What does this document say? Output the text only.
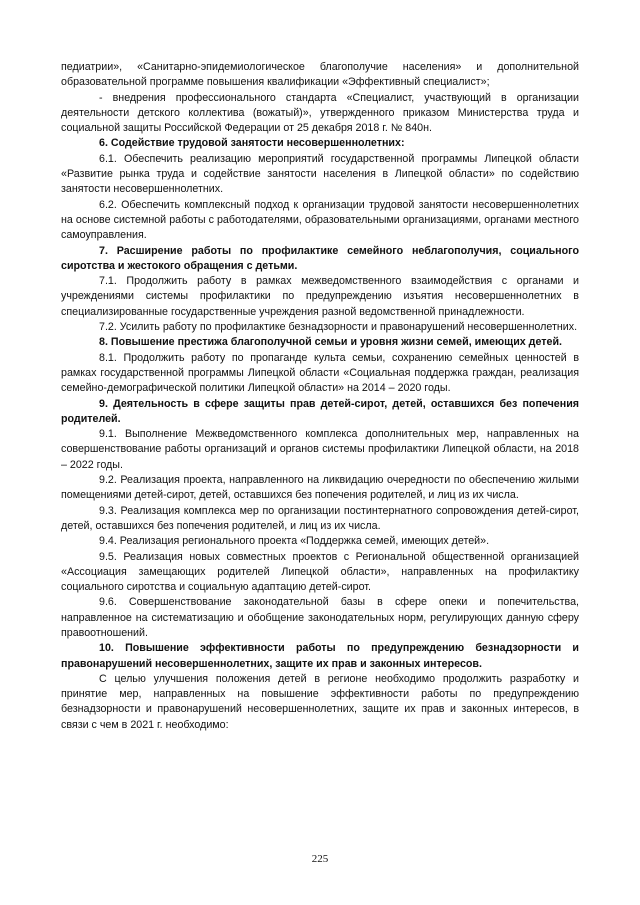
педиатрии», «Санитарно-эпидемиологическое благополучие населения» и дополнительной образовательной программе повышения квалификации «Эффективный специалист»;

- внедрения профессионального стандарта «Специалист, участвующий в организации деятельности детского коллектива (вожатый)», утвержденного приказом Министерства труда и социальной защиты Российской Федерации от 25 декабря 2018 г. № 840н.

6. Содействие трудовой занятости несовершеннолетних:

6.1. Обеспечить реализацию мероприятий государственной программы Липецкой области «Развитие рынка труда и содействие занятости населения в Липецкой области» по содействию занятости несовершеннолетних.

6.2. Обеспечить комплексный подход к организации трудовой занятости несовершеннолетних на основе системной работы с работодателями, образовательными организациями, органами местного самоуправления.

7. Расширение работы по профилактике семейного неблагополучия, социального сиротства и жестокого обращения с детьми.

7.1. Продолжить работу в рамках межведомственного взаимодействия с органами и учреждениями системы профилактики по предупреждению изъятия несовершеннолетних в специализированные государственные учреждения разной ведомственной принадлежности.

7.2. Усилить работу по профилактике безнадзорности и правонарушений несовершеннолетних.

8. Повышение престижа благополучной семьи и уровня жизни семей, имеющих детей.

8.1. Продолжить работу по пропаганде культа семьи, сохранению семейных ценностей в рамках государственной программы Липецкой области «Социальная поддержка граждан, реализация семейно-демографической политики Липецкой области» на 2014 – 2020 годы.

9. Деятельность в сфере защиты прав детей-сирот, детей, оставшихся без попечения родителей.

9.1. Выполнение Межведомственного комплекса дополнительных мер, направленных на совершенствование работы организаций и органов системы профилактики Липецкой области, на 2018 – 2022 годы.

9.2. Реализация проекта, направленного на ликвидацию очередности по обеспечению жилыми помещениями детей-сирот, детей, оставшихся без попечения родителей, и лиц из их числа.

9.3. Реализация комплекса мер по организации постинтернатного сопровождения детей-сирот, детей, оставшихся без попечения родителей, и лиц из их числа.

9.4. Реализация регионального проекта «Поддержка семей, имеющих детей».

9.5. Реализация новых совместных проектов с Региональной общественной организацией «Ассоциация замещающих родителей Липецкой области», направленных на профилактику социального сиротства и социальную адаптацию детей-сирот.

9.6. Совершенствование законодательной базы в сфере опеки и попечительства, направленное на систематизацию и обобщение законодательных норм, регулирующих данную сферу правоотношений.

10. Повышение эффективности работы по предупреждению безнадзорности и правонарушений несовершеннолетних, защите их прав и законных интересов.

С целью улучшения положения детей в регионе необходимо продолжить разработку и принятие мер, направленных на повышение эффективности работы по предупреждению безнадзорности и правонарушений несовершеннолетних, защите их прав и законных интересов, в связи с чем в 2021 г. необходимо:

225
